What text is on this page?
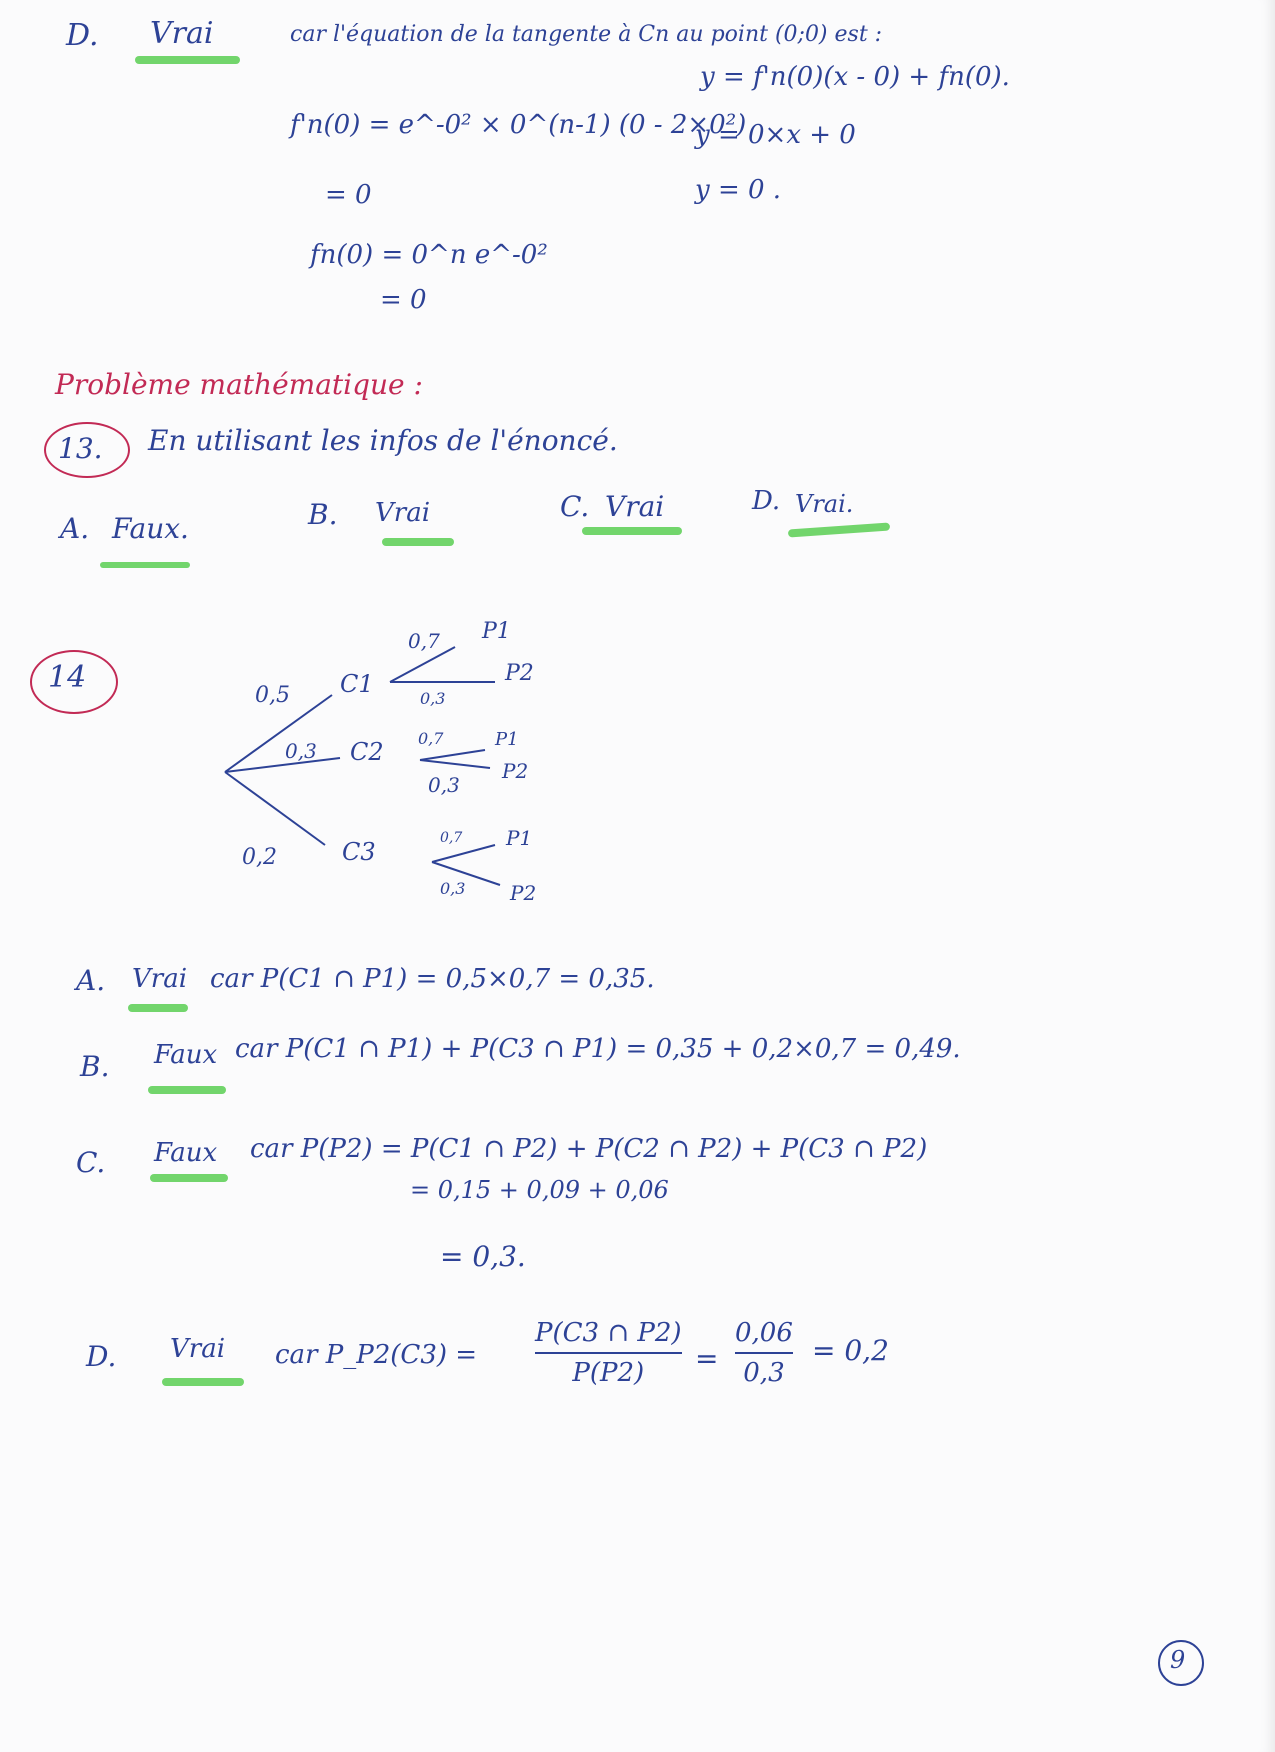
D. Vrai	car l'équation de la tangente à Cn au point (0;0) est :
f'n(0) = e^-0² × 0^(n-1) (0 - 2×0²)
= 0
fn(0) = 0^n e^-0²
= 0
y = f'n(0)(x - 0) + fn(0).
y = 0×x + 0
y = 0 .
Problème mathématique :
13. En utilisant les infos de l'énoncé.
A. Faux.	B. Vrai	C. Vrai	D. Vrai.
14
0,5 C1
0,3 C2
0,2	C3
0,7 P1
P2
0,3
0,7	P1
P2
0,3
0,7 P1
P2
0,3
A. Vrai car P(C1 ∩ P1) = 0,5×0,7 = 0,35.
B. Faux car P(C1 ∩ P1) + P(C3 ∩ P1) = 0,35 + 0,2×0,7 = 0,49.
C. Faux car P(P2) = P(C1 ∩ P2) + P(C2 ∩ P2) + P(C3 ∩ P2)
= 0,15 + 0,09 + 0,06
= 0,3.
D. Vrai car P_P2(C3) =
P(C3 ∩ P2)
P(P2) =
0,06
0,3
= 0,2
9
